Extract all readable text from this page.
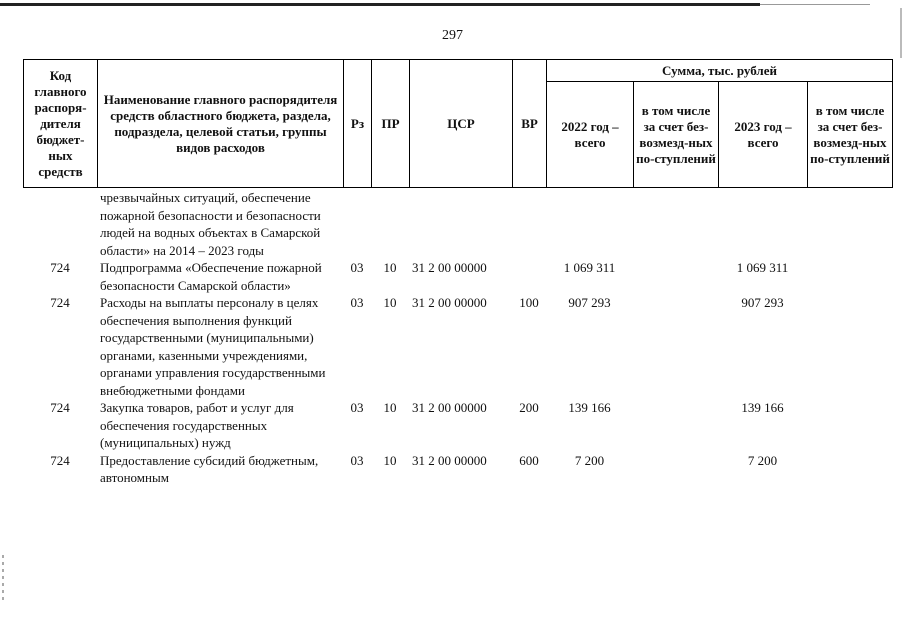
297
Код главного распоря-дителя бюджет-ных средств	Наименование главного распорядителя средств областного бюджета, раздела, подраздела, целевой статьи, группы видов расходов	Рз	ПР	ЦСР	ВР	Сумма, тыс. рублей			
						2022 год – всего	в том числе за счет без-возмезд-ных по-ступлений	2023 год – всего	в том числе за счет без-возмезд-ных по-ступлений
	чрезвычайных ситуаций, обеспечение пожарной безопасности и безопасности людей на водных объектах в Самарской области» на 2014 – 2023 годы								
724	Подпрограмма «Обеспечение пожарной безопасности Самарской области»	03	10	31 2 00 00000		1 069 311		1 069 311	
724	Расходы на выплаты персоналу в целях обеспечения выполнения функций государственными (муниципальными) органами, казенными учреждениями, органами управления государственными внебюджетными фондами	03	10	31 2 00 00000	100	907 293		907 293	
724	Закупка товаров, работ и услуг для обеспечения государственных (муниципальных) нужд	03	10	31 2 00 00000	200	139 166		139 166	
724	Предоставление субсидий бюджетным, автономным	03	10	31 2 00 00000	600	7 200		7 200	
